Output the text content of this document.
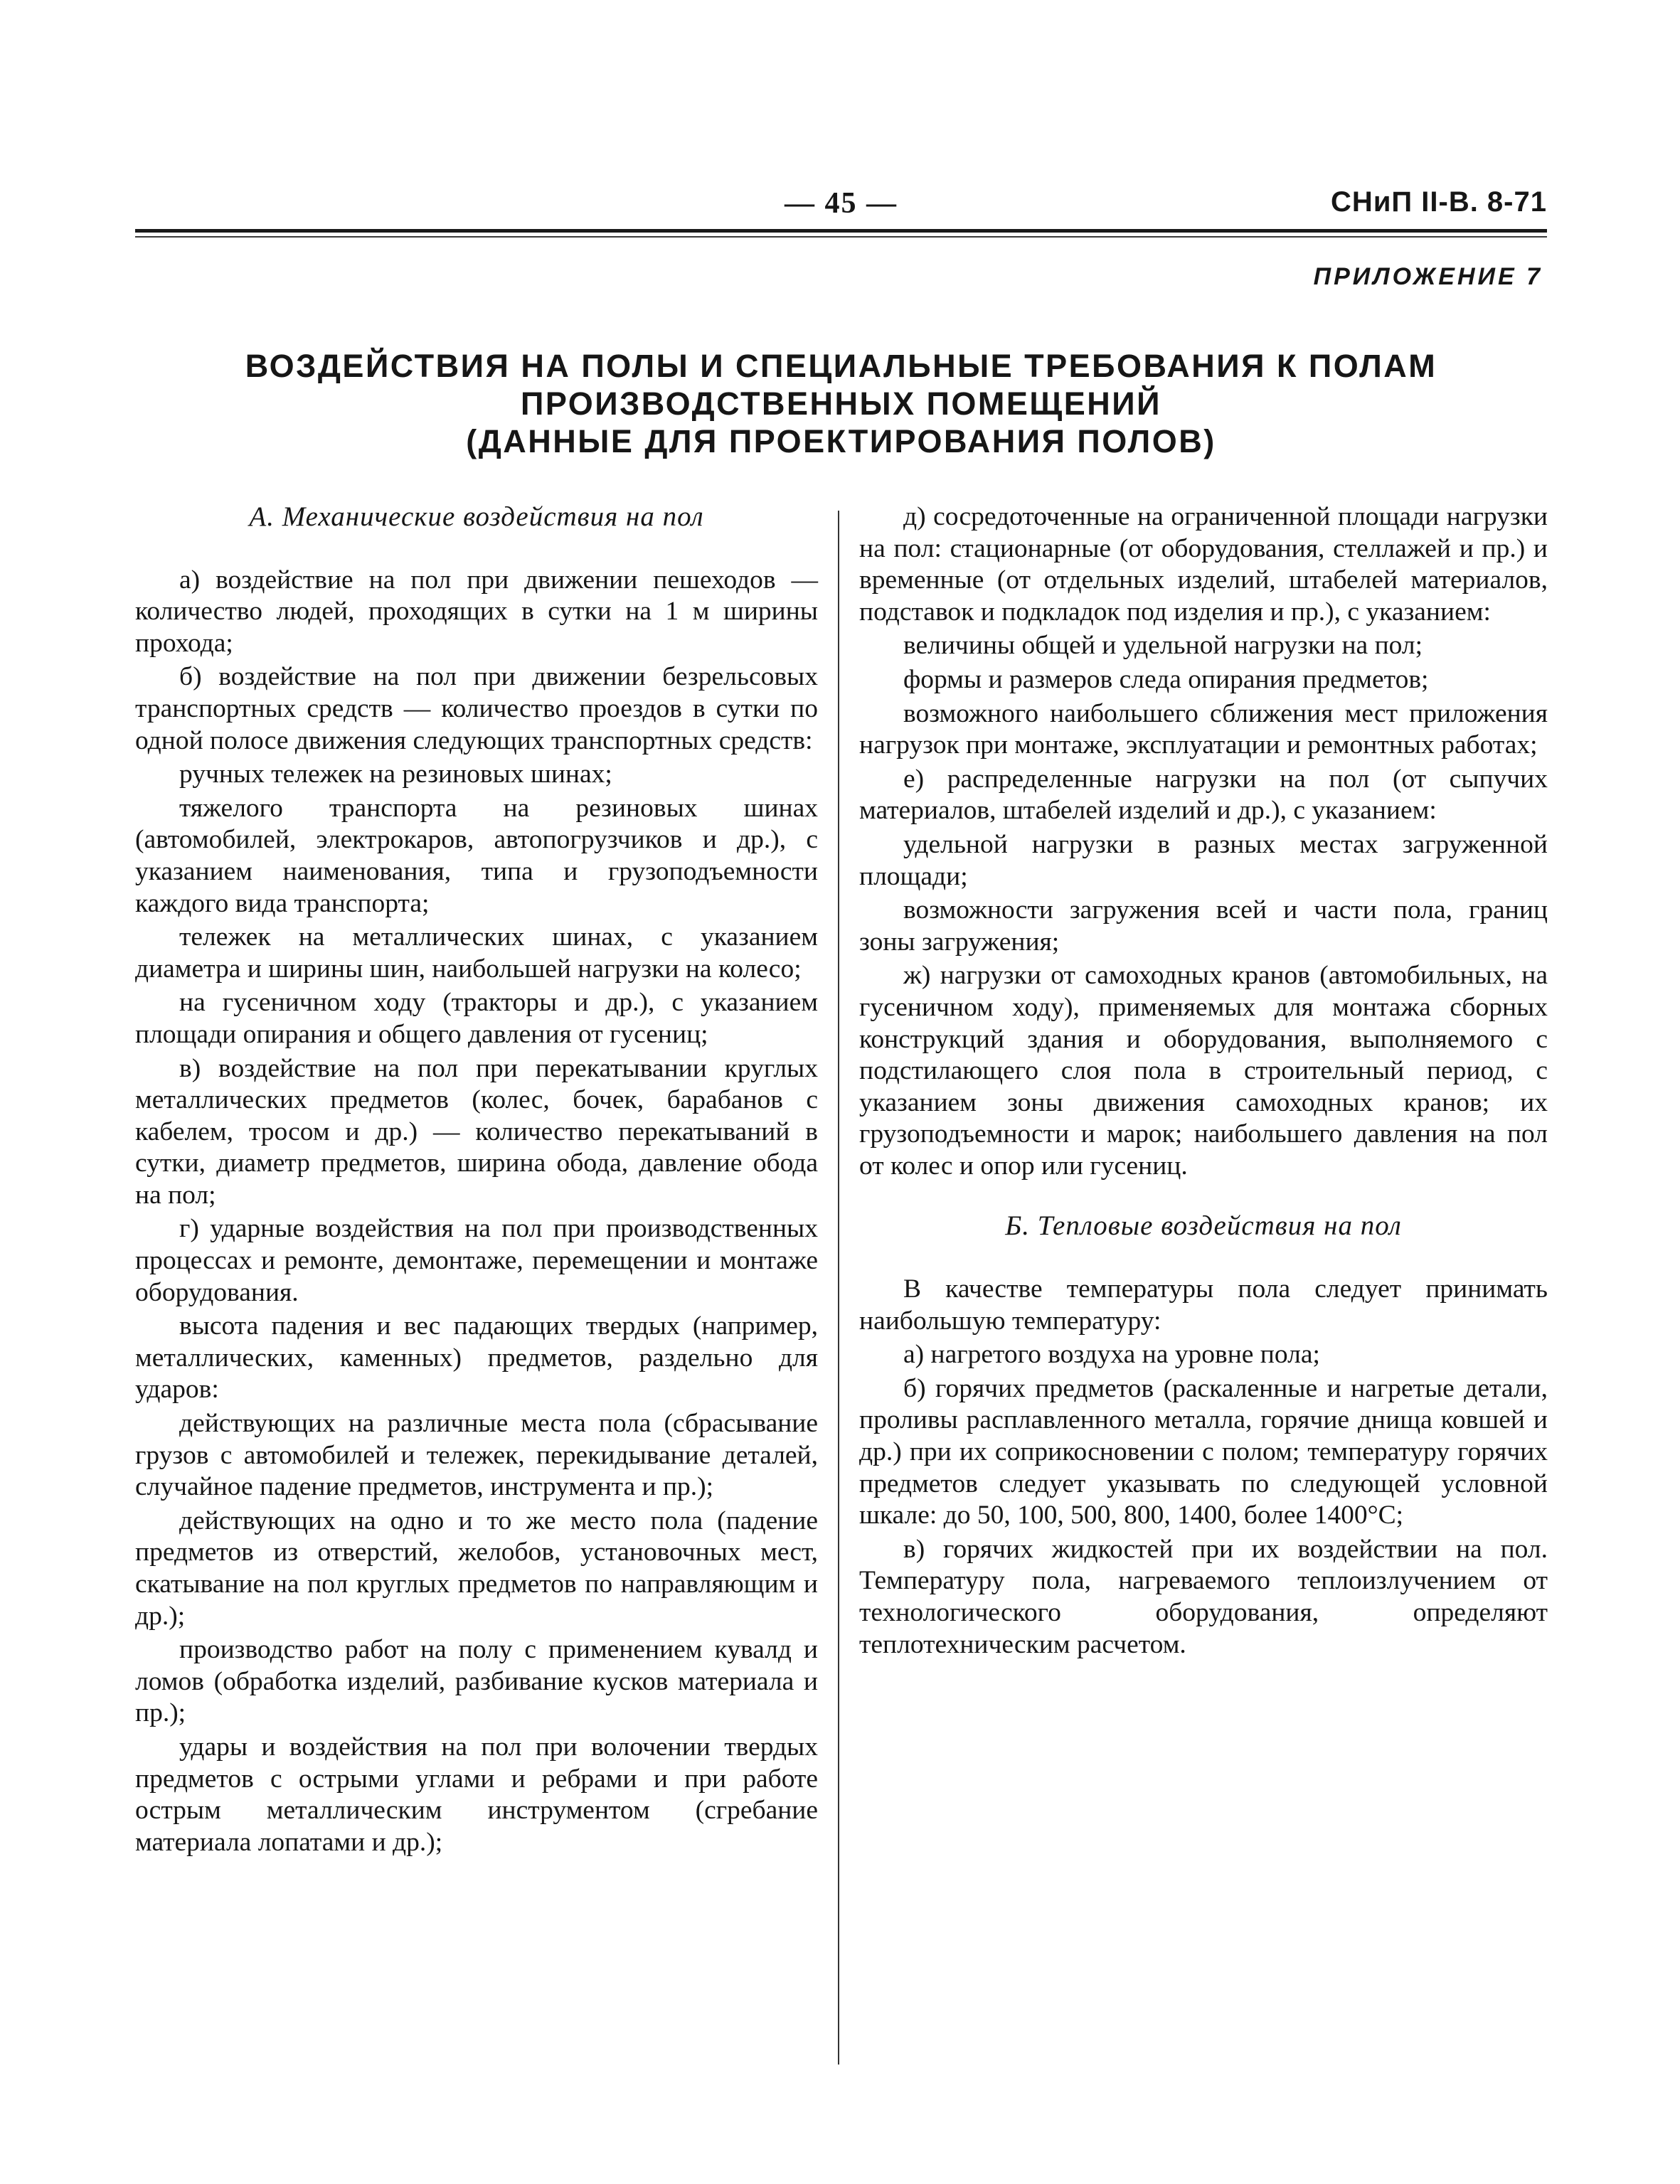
— 45 —	СНиП II-В. 8-71
ПРИЛОЖЕНИЕ 7
ВОЗДЕЙСТВИЯ НА ПОЛЫ И СПЕЦИАЛЬНЫЕ ТРЕБОВАНИЯ К ПОЛАМ
ПРОИЗВОДСТВЕННЫХ ПОМЕЩЕНИЙ
(ДАННЫЕ ДЛЯ ПРОЕКТИРОВАНИЯ ПОЛОВ)
А. Механические воздействия на пол

а) воздействие на пол при движении пешеходов — количество людей, проходящих в сутки на 1 м ширины прохода;

б) воздействие на пол при движении безрельсовых транспортных средств — количество проездов в сутки по одной полосе движения следующих транспортных средств:

ручных тележек на резиновых шинах;

тяжелого транспорта на резиновых шинах (автомобилей, электрокаров, автопогрузчиков и др.), с указанием наименования, типа и грузоподъемности каждого вида транспорта;

тележек на металлических шинах, с указанием диаметра и ширины шин, наибольшей нагрузки на колесо;

на гусеничном ходу (тракторы и др.), с указанием площади опирания и общего давления от гусениц;

в) воздействие на пол при перекатывании круглых металлических предметов (колес, бочек, барабанов с кабелем, тросом и др.) — количество перекатываний в сутки, диаметр предметов, ширина обода, давление обода на пол;

г) ударные воздействия на пол при производственных процессах и ремонте, демонтаже, перемещении и монтаже оборудования.

высота падения и вес падающих твердых (например, металлических, каменных) предметов, раздельно для ударов:

действующих на различные места пола (сбрасывание грузов с автомобилей и тележек, перекидывание деталей, случайное падение предметов, инструмента и пр.);

действующих на одно и то же место пола (падение предметов из отверстий, желобов, установочных мест, скатывание на пол круглых предметов по направляющим и др.);

производство работ на полу с применением кувалд и ломов (обработка изделий, разбивание кусков материала и пр.);

удары и воздействия на пол при волочении твердых предметов с острыми углами и ребрами и при работе острым металлическим инструментом (сгребание материала лопатами и др.);

д) сосредоточенные на ограниченной площади нагрузки на пол: стационарные (от оборудования, стеллажей и пр.) и временные (от отдельных изделий, штабелей материалов, подставок и подкладок под изделия и пр.), с указанием:

величины общей и удельной нагрузки на пол;

формы и размеров следа опирания предметов;

возможного наибольшего сближения мест приложения нагрузок при монтаже, эксплуатации и ремонтных работах;

е) распределенные нагрузки на пол (от сыпучих материалов, штабелей изделий и др.), с указанием:

удельной нагрузки в разных местах загруженной площади;

возможности загружения всей и части пола, границ зоны загружения;

ж) нагрузки от самоходных кранов (автомобильных, на гусеничном ходу), применяемых для монтажа сборных конструкций здания и оборудования, выполняемого с подстилающего слоя пола в строительный период, с указанием зоны движения самоходных кранов; их грузоподъемности и марок; наибольшего давления на пол от колес и опор или гусениц.

Б. Тепловые воздействия на пол

В качестве температуры пола следует принимать наибольшую температуру:

а) нагретого воздуха на уровне пола;

б) горячих предметов (раскаленные и нагретые детали, проливы расплавленного металла, горячие днища ковшей и др.) при их соприкосновении с полом; температуру горячих предметов следует указывать по следующей условной шкале: до 50, 100, 500, 800, 1400, более 1400°С;

в) горячих жидкостей при их воздействии на пол. Температуру пола, нагреваемого теплоизлучением от технологического оборудования, определяют теплотехническим расчетом.
